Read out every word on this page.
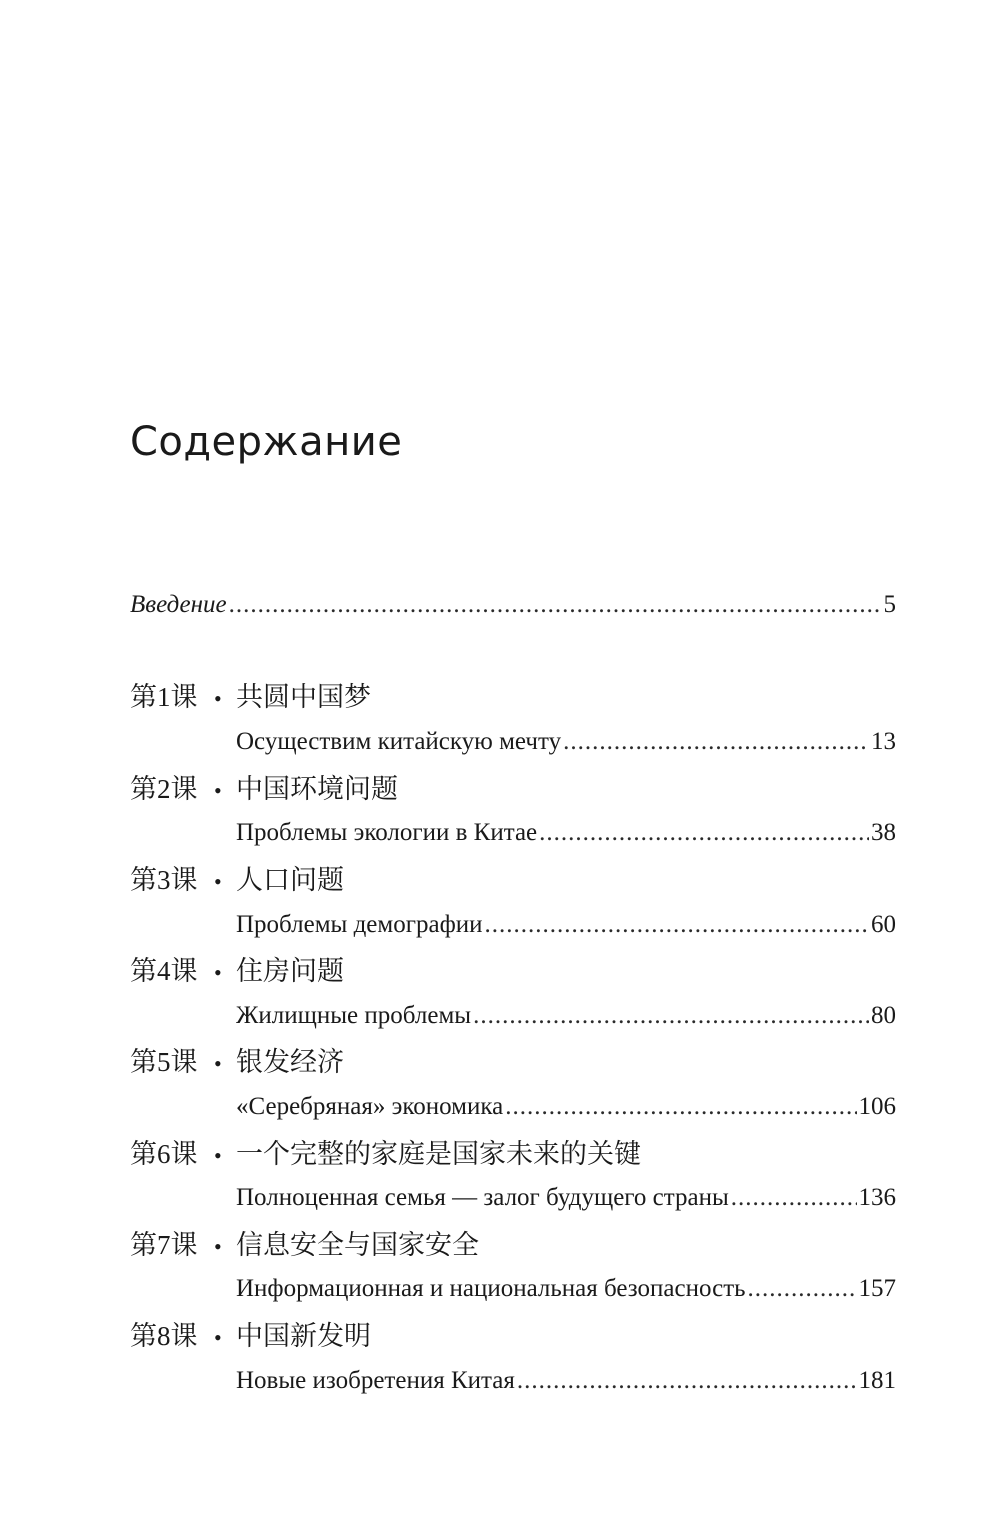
Содержание
Введение .....	5
第1课 • 共圆中国梦
Осуществим китайскую мечту .....	13
第2课 • 中国环境问题
Проблемы экологии в Китае .....	38
第3课 • 人口问题
Проблемы демографии .....	60
第4课 • 住房问题
Жилищные проблемы .....	80
第5课 • 银发经济
«Серебряная» экономика .....	106
第6课 • 一个完整的家庭是国家未来的关键
Полноценная семья — залог будущего страны .....	136
第7课 • 信息安全与国家安全
Информационная и национальная безопасность .....	157
第8课 • 中国新发明
Новые изобретения Китая .....	181
